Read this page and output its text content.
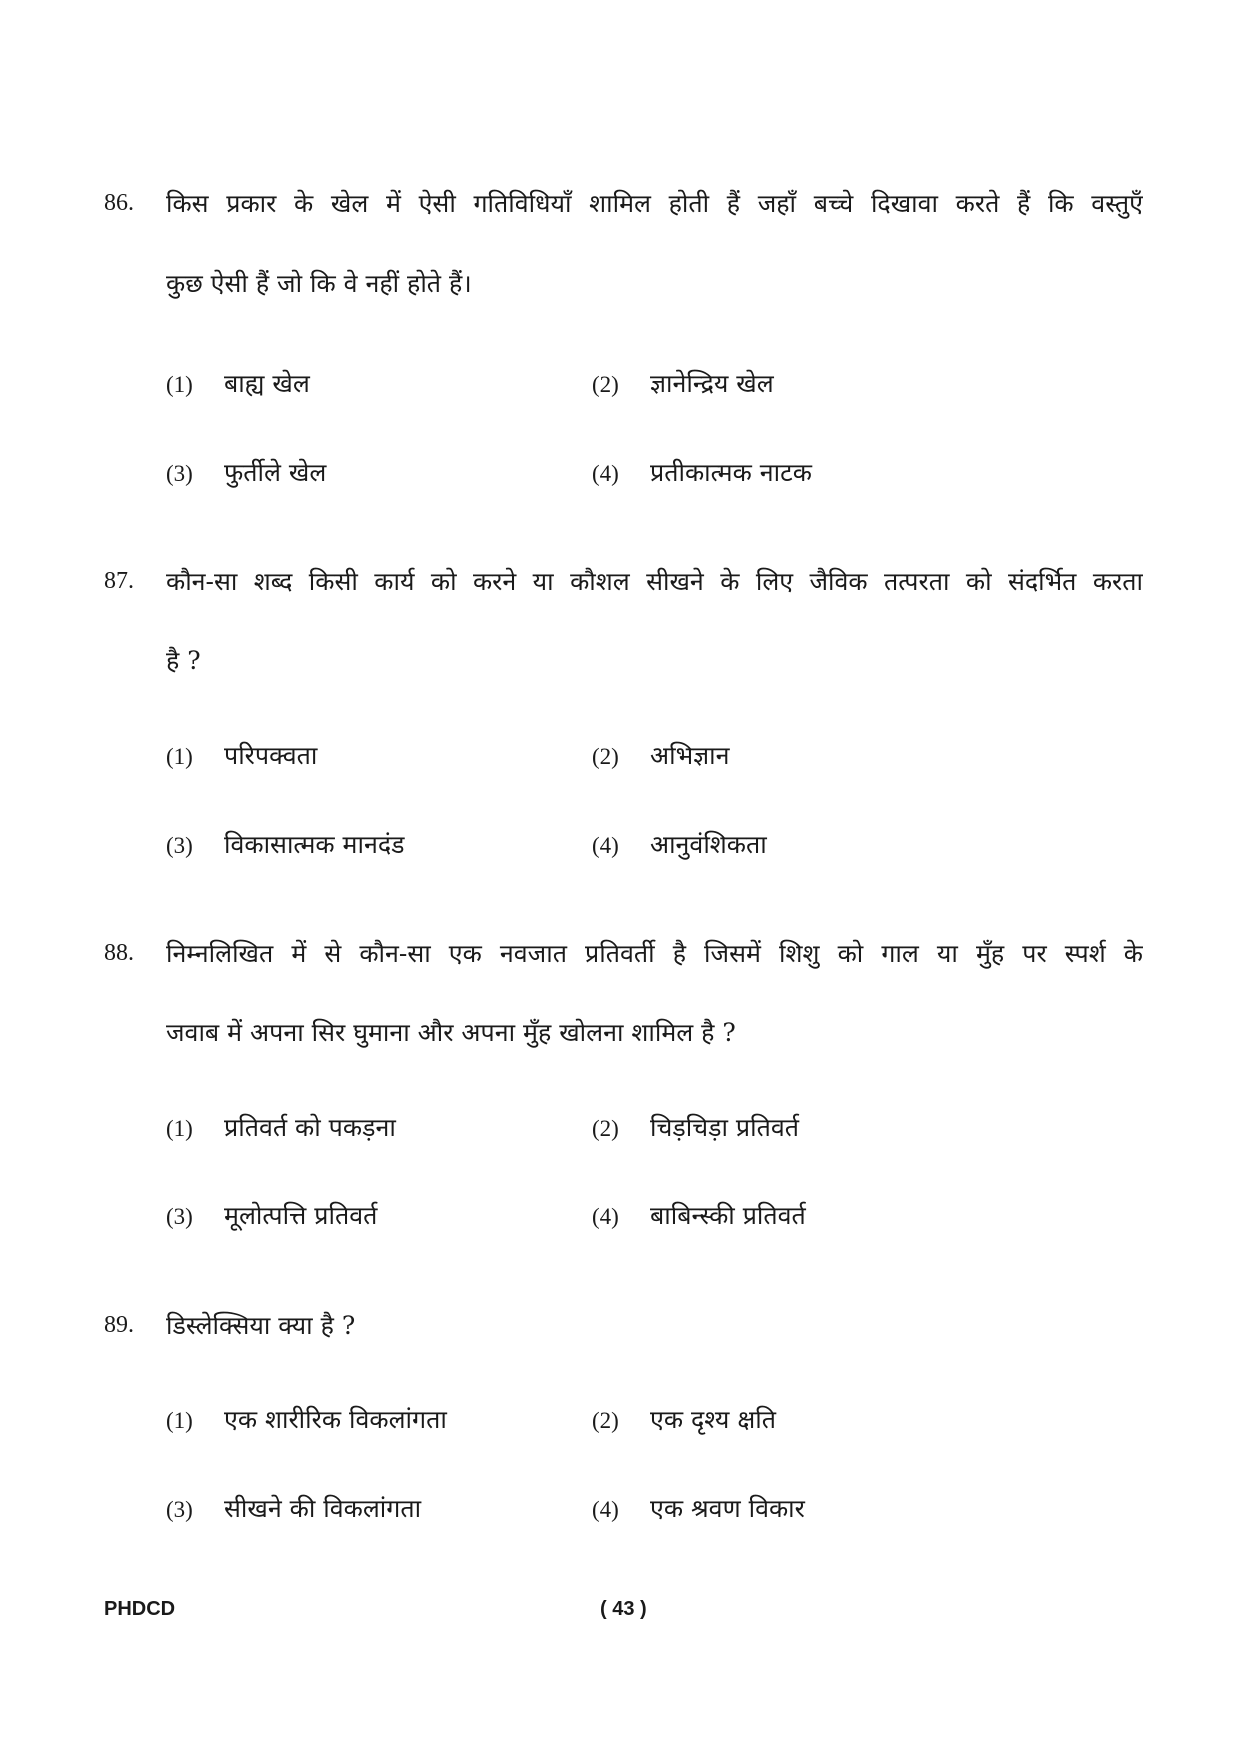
86. किस प्रकार के खेल में ऐसी गतिविधियाँ शामिल होती हैं जहाँ बच्चे दिखावा करते हैं कि वस्तुएँ
कुछ ऐसी हैं जो कि वे नहीं होते हैं।
(1) बाह्य खेल	(2) ज्ञानेन्द्रिय खेल
(3) फुर्तीले खेल	(4) प्रतीकात्मक नाटक
87. कौन-सा शब्द किसी कार्य को करने या कौशल सीखने के लिए जैविक तत्परता को संदर्भित करता
है ?
(1) परिपक्वता	(2) अभिज्ञान
(3) विकासात्मक मानदंड	(4) आनुवंशिकता
88. निम्नलिखित में से कौन-सा एक नवजात प्रतिवर्ती है जिसमें शिशु को गाल या मुँह पर स्पर्श के
जवाब में अपना सिर घुमाना और अपना मुँह खोलना शामिल है ?
(1) प्रतिवर्त को पकड़ना	(2) चिड़चिड़ा प्रतिवर्त
(3) मूलोत्पत्ति प्रतिवर्त	(4) बाबिन्स्की प्रतिवर्त
89. डिस्लेक्सिया क्या है ?
(1) एक शारीरिक विकलांगता	(2) एक दृश्य क्षति
(3) सीखने की विकलांगता	(4) एक श्रवण विकार
PHDCD	( 43 )
